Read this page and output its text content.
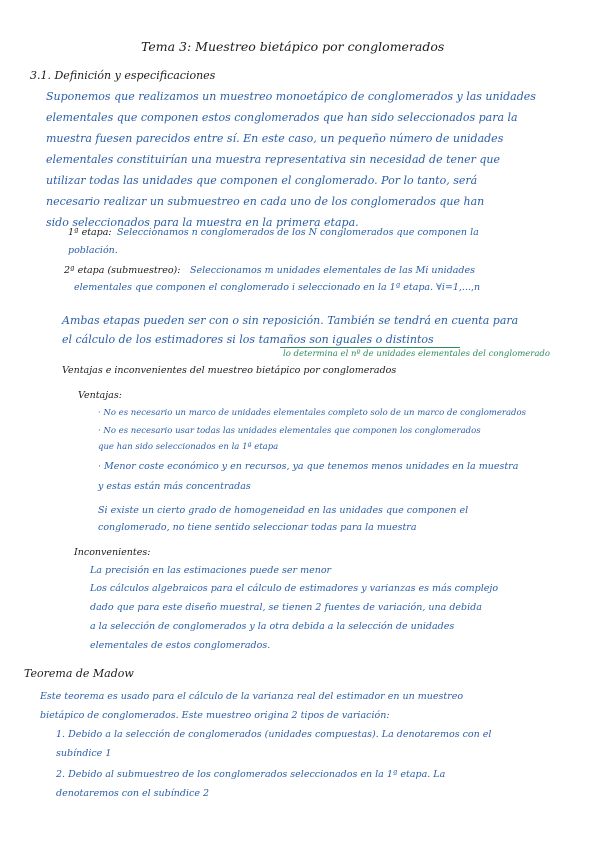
Tema 3: Muestreo bietápico por conglomerados
3.1. Definición y especificaciones
Suponemos que realizamos un muestreo monoetápico de conglomerados y las unidades
elementales que componen estos conglomerados que han sido seleccionados para la
muestra fuesen parecidos entre sí. En este caso, un pequeño número de unidades
elementales constituirían una muestra representativa sin necesidad de tener que
utilizar todas las unidades que componen el conglomerado. Por lo tanto, será
necesario realizar un submuestreo en cada uno de los conglomerados que han
sido seleccionados para la muestra en la primera etapa.
1ª etapa: Seleccionamos n conglomerados de los N conglomerados que componen la
población.
2ª etapa (submuestreo): Seleccionamos m unidades elementales de las Mi unidades
elementales que componen el conglomerado i seleccionado en la 1ª etapa. ∀i=1,...,n
Ambas etapas pueden ser con o sin reposición. También se tendrá en cuenta para
el cálculo de los estimadores si los tamaños son iguales o distintos
lo determina el nº de unidades elementales del conglomerado
Ventajas e inconvenientes del muestreo bietápico por conglomerados
Ventajas:
· No es necesario un marco de unidades elementales completo solo de un marco de conglomerados
· No es necesario usar todas las unidades elementales que componen los conglomerados
que han sido seleccionados en la 1ª etapa
· Menor coste económico y en recursos, ya que tenemos menos unidades en la muestra
y estas están más concentradas
Si existe un cierto grado de homogeneidad en las unidades que componen el
conglomerado, no tiene sentido seleccionar todas para la muestra
Inconvenientes:
La precisión en las estimaciones puede ser menor
Los cálculos algebraicos para el cálculo de estimadores y varianzas es más complejo
dado que para este diseño muestral, se tienen 2 fuentes de variación, una debida
a la selección de conglomerados y la otra debida a la selección de unidades
elementales de estos conglomerados.
Teorema de Madow
Este teorema es usado para el cálculo de la varianza real del estimador en un muestreo
bietápico de conglomerados. Este muestreo origina 2 tipos de variación:
1. Debido a la selección de conglomerados (unidades compuestas). La denotaremos con el
subíndice 1
2. Debido al submuestreo de los conglomerados seleccionados en la 1ª etapa. La
denotaremos con el subíndice 2
